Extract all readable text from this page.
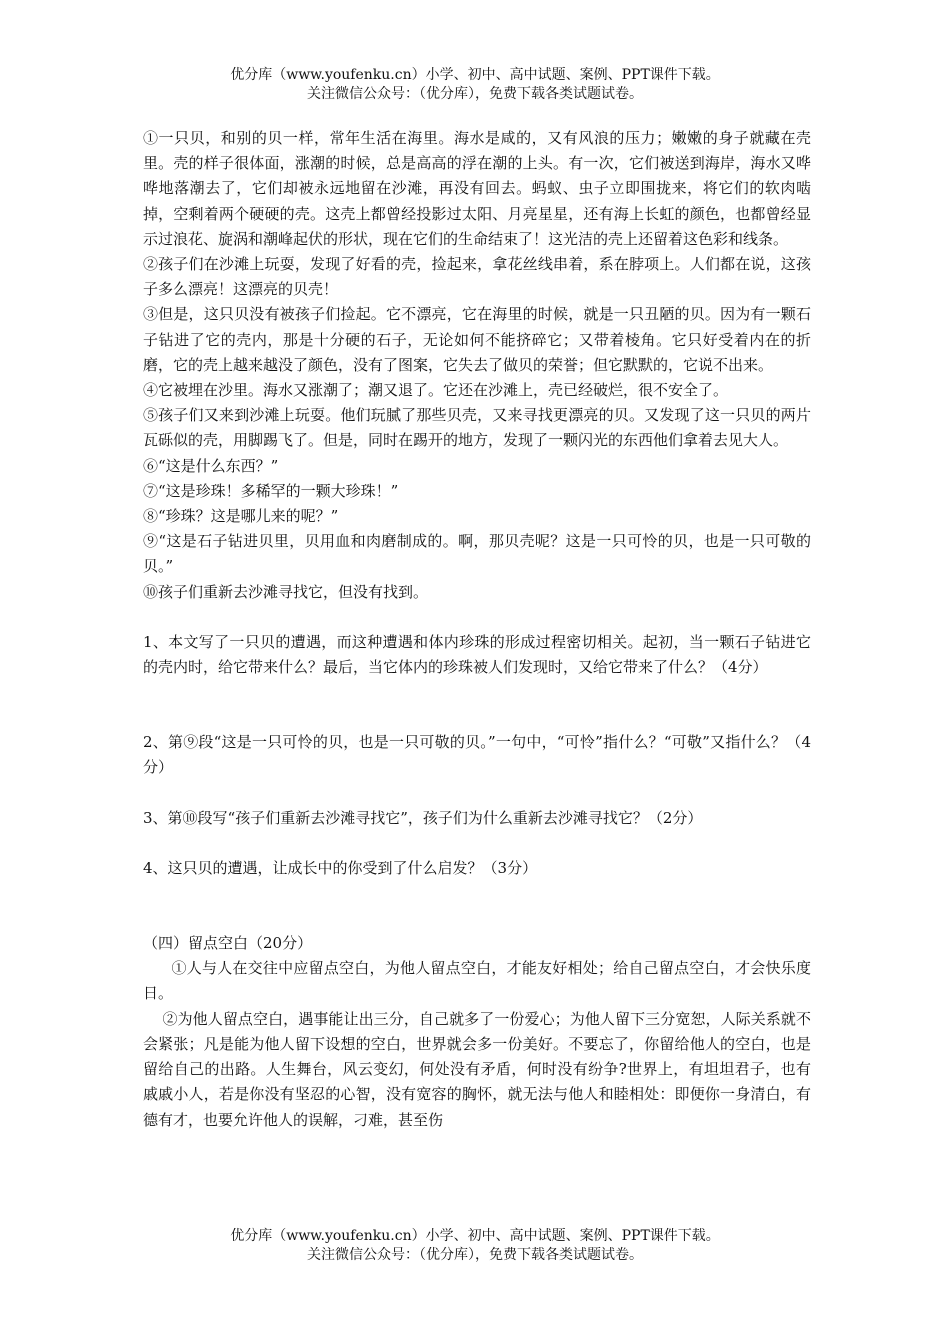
优分库（www.youfenku.cn）小学、初中、高中试题、案例、PPT课件下载。
关注微信公众号：（优分库），免费下载各类试题试卷。

①一只贝，和别的贝一样，常年生活在海里。海水是咸的，又有风浪的压力；嫩嫩的身子就藏在壳里。壳的样子很体面，涨潮的时候，总是高高的浮在潮的上头。有一次，它们被送到海岸，海水又哗哗地落潮去了，它们却被永远地留在沙滩，再没有回去。蚂蚁、虫子立即围拢来，将它们的软肉啮掉，空剩着两个硬硬的壳。这壳上都曾经投影过太阳、月亮星星，还有海上长虹的颜色，也都曾经显示过浪花、旋涡和潮峰起伏的形状，现在它们的生命结束了！这光洁的壳上还留着这色彩和线条。

②孩子们在沙滩上玩耍，发现了好看的壳，捡起来，拿花丝线串着，系在脖项上。人们都在说，这孩子多么漂亮！这漂亮的贝壳！

③但是，这只贝没有被孩子们捡起。它不漂亮，它在海里的时候，就是一只丑陋的贝。因为有一颗石子钻进了它的壳内，那是十分硬的石子，无论如何不能挤碎它；又带着棱角。它只好受着内在的折磨，它的壳上越来越没了颜色，没有了图案，它失去了做贝的荣誉；但它默默的，它说不出来。

④它被埋在沙里。海水又涨潮了；潮又退了。它还在沙滩上，壳已经破烂，很不安全了。

⑤孩子们又来到沙滩上玩耍。他们玩腻了那些贝壳，又来寻找更漂亮的贝。又发现了这一只贝的两片瓦砾似的壳，用脚踢飞了。但是，同时在踢开的地方，发现了一颗闪光的东西他们拿着去见大人。

⑥“这是什么东西？”

⑦“这是珍珠！多稀罕的一颗大珍珠！”

⑧“珍珠？这是哪儿来的呢？”

⑨“这是石子钻进贝里，贝用血和肉磨制成的。啊，那贝壳呢？这是一只可怜的贝，也是一只可敬的贝。”

⑩孩子们重新去沙滩寻找它，但没有找到。

1、本文写了一只贝的遭遇，而这种遭遇和体内珍珠的形成过程密切相关。起初，当一颗石子钻进它的壳内时，给它带来什么？最后，当它体内的珍珠被人们发现时，又给它带来了什么？（4分）

2、第⑨段“这是一只可怜的贝，也是一只可敬的贝。”一句中，“可怜”指什么？“可敬”又指什么？（4分）

3、第⑩段写“孩子们重新去沙滩寻找它”，孩子们为什么重新去沙滩寻找它？（2分）

4、这只贝的遭遇，让成长中的你受到了什么启发？（3分）

（四）留点空白（20分）

①人与人在交往中应留点空白，为他人留点空白，才能友好相处；给自己留点空白，才会快乐度日。

②为他人留点空白，遇事能让出三分，自己就多了一份爱心；为他人留下三分宽恕，人际关系就不会紧张；凡是能为他人留下设想的空白，世界就会多一份美好。不要忘了，你留给他人的空白，也是留给自己的出路。人生舞台，风云变幻，何处没有矛盾，何时没有纷争?世界上，有坦坦君子，也有戚戚小人，若是你没有坚忍的心智，没有宽容的胸怀，就无法与他人和睦相处：即便你一身清白，有德有才，也要允许他人的误解，刁难，甚至伤

优分库（www.youfenku.cn）小学、初中、高中试题、案例、PPT课件下载。
关注微信公众号：（优分库），免费下载各类试题试卷。
